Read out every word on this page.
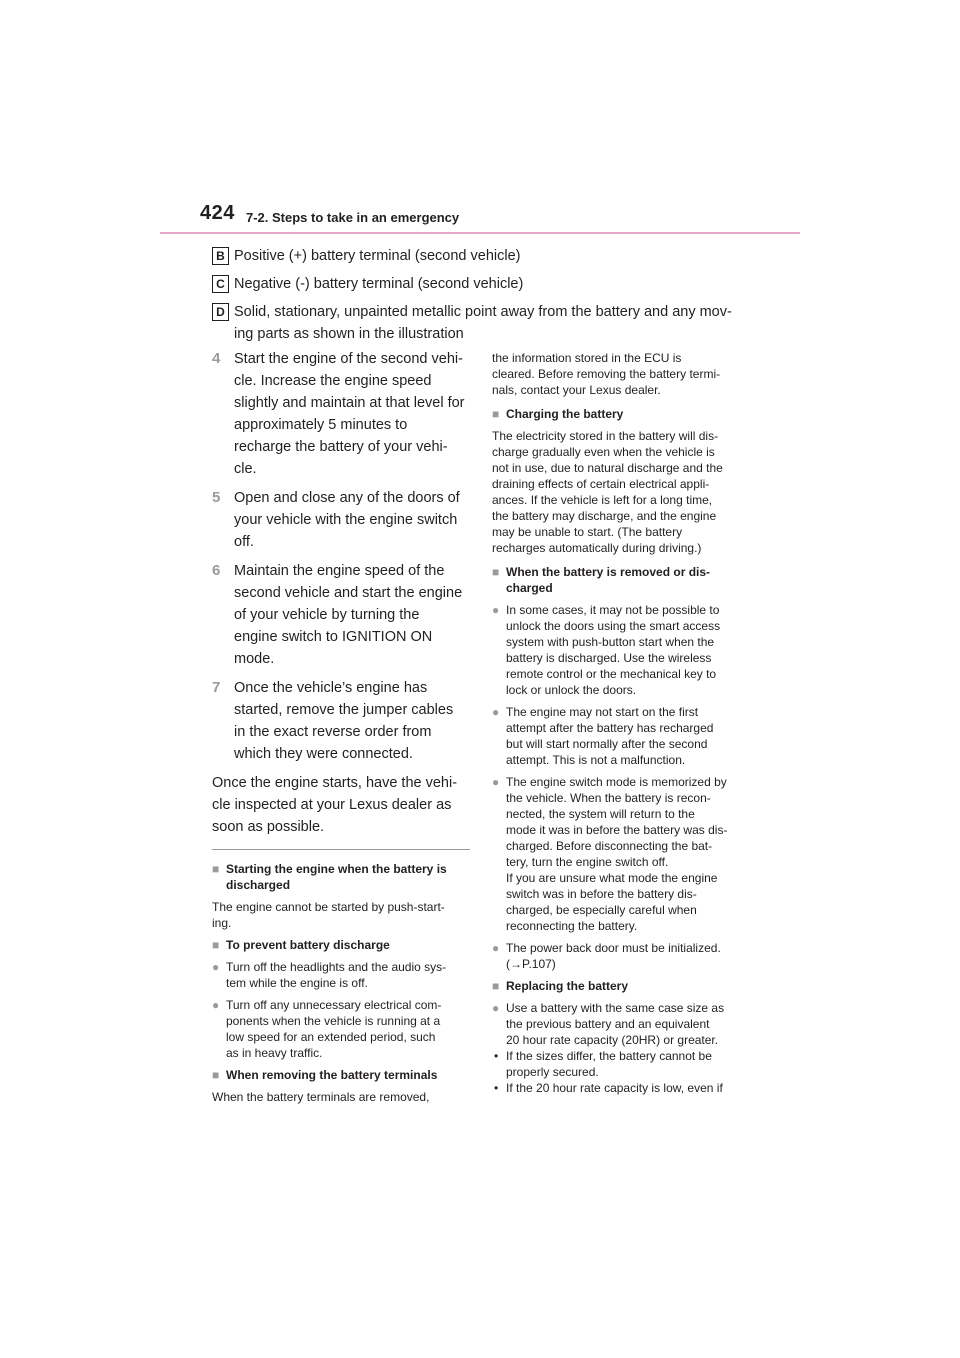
424 7-2. Steps to take in an emergency
B Positive (+) battery terminal (second vehicle)
C Negative (-) battery terminal (second vehicle)
D Solid, stationary, unpainted metallic point away from the battery and any mov-
ing parts as shown in the illustration
4 Start the engine of the second vehi-
cle. Increase the engine speed
slightly and maintain at that level for
approximately 5 minutes to
recharge the battery of your vehi-
cle.
5 Open and close any of the doors of
your vehicle with the engine switch
off.
6 Maintain the engine speed of the
second vehicle and start the engine
of your vehicle by turning the
engine switch to IGNITION ON
mode.
7 Once the vehicle’s engine has
started, remove the jumper cables
in the exact reverse order from
which they were connected.

Once the engine starts, have the vehi-
cle inspected at your Lexus dealer as
soon as possible.

■ Starting the engine when the battery is
discharged

The engine cannot be started by push-start-
ing.

■ To prevent battery discharge
● Turn off the headlights and the audio sys-
tem while the engine is off.
● Turn off any unnecessary electrical com-
ponents when the vehicle is running at a
low speed for an extended period, such
as in heavy traffic.
■ When removing the battery terminals

When the battery terminals are removed,

the information stored in the ECU is
cleared. Before removing the battery termi-
nals, contact your Lexus dealer.

■ Charging the battery

The electricity stored in the battery will dis-
charge gradually even when the vehicle is
not in use, due to natural discharge and the
draining effects of certain electrical appli-
ances. If the vehicle is left for a long time,
the battery may discharge, and the engine
may be unable to start. (The battery
recharges automatically during driving.)

■ When the battery is removed or dis-
charged
● In some cases, it may not be possible to
unlock the doors using the smart access
system with push-button start when the
battery is discharged. Use the wireless
remote control or the mechanical key to
lock or unlock the doors.
● The engine may not start on the first
attempt after the battery has recharged
but will start normally after the second
attempt. This is not a malfunction.
● The engine switch mode is memorized by
the vehicle. When the battery is recon-
nected, the system will return to the
mode it was in before the battery was dis-
charged. Before disconnecting the bat-
tery, turn the engine switch off.
If you are unsure what mode the engine
switch was in before the battery dis-
charged, be especially careful when
reconnecting the battery.
● The power back door must be initialized.
(→P.107)
■ Replacing the battery
● Use a battery with the same case size as
the previous battery and an equivalent
20 hour rate capacity (20HR) or greater.
• If the sizes differ, the battery cannot be
properly secured.
• If the 20 hour rate capacity is low, even if
